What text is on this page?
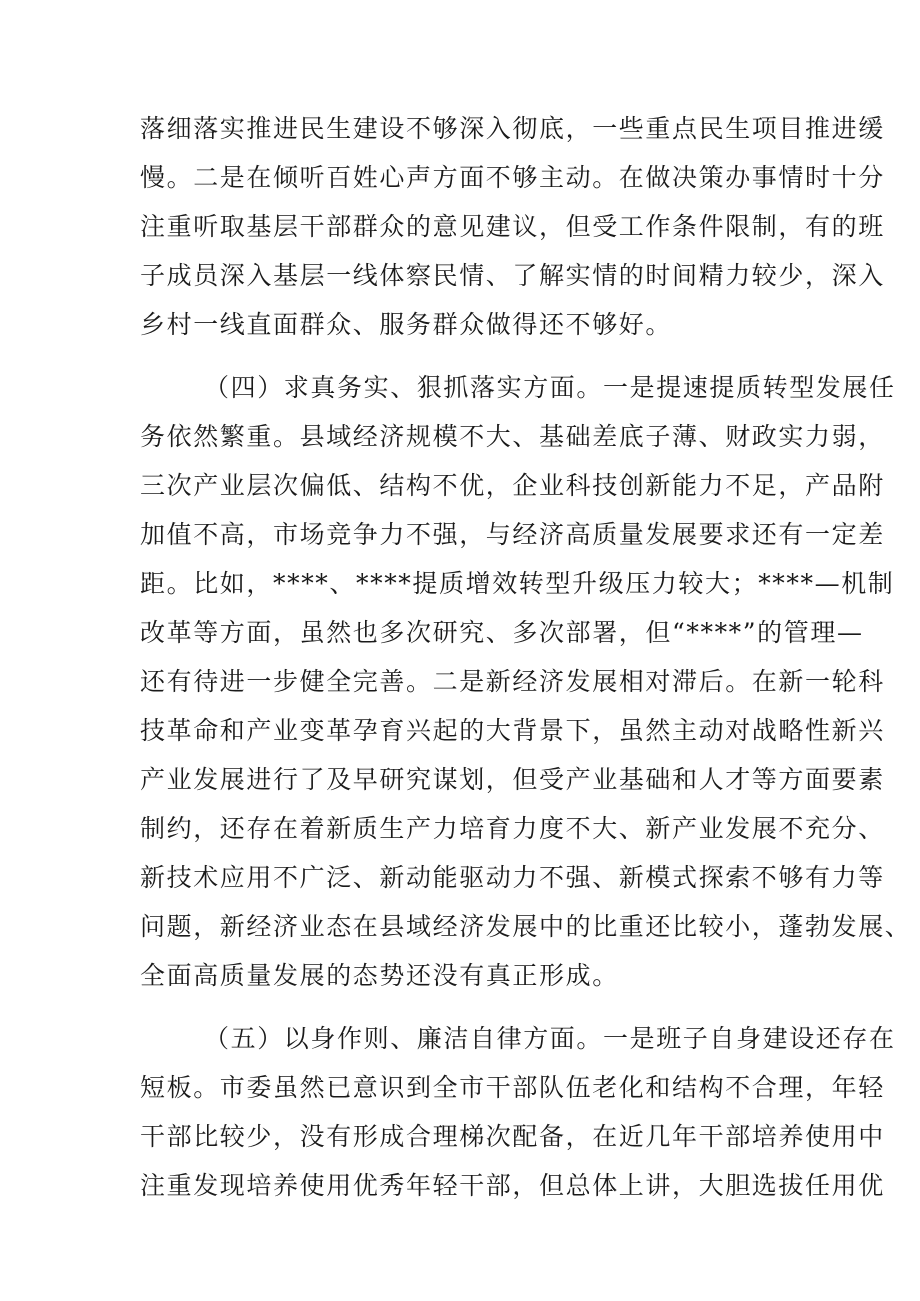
落细落实推进民生建设不够深入彻底，一些重点民生项目推进缓
慢。二是在倾听百姓心声方面不够主动。在做决策办事情时十分
注重听取基层干部群众的意见建议，但受工作条件限制，有的班
子成员深入基层一线体察民情、了解实情的时间精力较少，深入
乡村一线直面群众、服务群众做得还不够好。
（四）求真务实、狠抓落实方面。一是提速提质转型发展任
务依然繁重。县域经济规模不大、基础差底子薄、财政实力弱，
三次产业层次偏低、结构不优，企业科技创新能力不足，产品附
加值不高，市场竞争力不强，与经济高质量发展要求还有一定差
距。比如，****、****提质增效转型升级压力较大；****—机制
改革等方面，虽然也多次研究、多次部署，但“****”的管理—
还有待进一步健全完善。二是新经济发展相对滞后。在新一轮科
技革命和产业变革孕育兴起的大背景下，虽然主动对战略性新兴
产业发展进行了及早研究谋划，但受产业基础和人才等方面要素
制约，还存在着新质生产力培育力度不大、新产业发展不充分、
新技术应用不广泛、新动能驱动力不强、新模式探索不够有力等
问题，新经济业态在县域经济发展中的比重还比较小，蓬勃发展、
全面高质量发展的态势还没有真正形成。
（五）以身作则、廉洁自律方面。一是班子自身建设还存在
短板。市委虽然已意识到全市干部队伍老化和结构不合理，年轻
干部比较少，没有形成合理梯次配备，在近几年干部培养使用中
注重发现培养使用优秀年轻干部，但总体上讲，大胆选拔任用优
